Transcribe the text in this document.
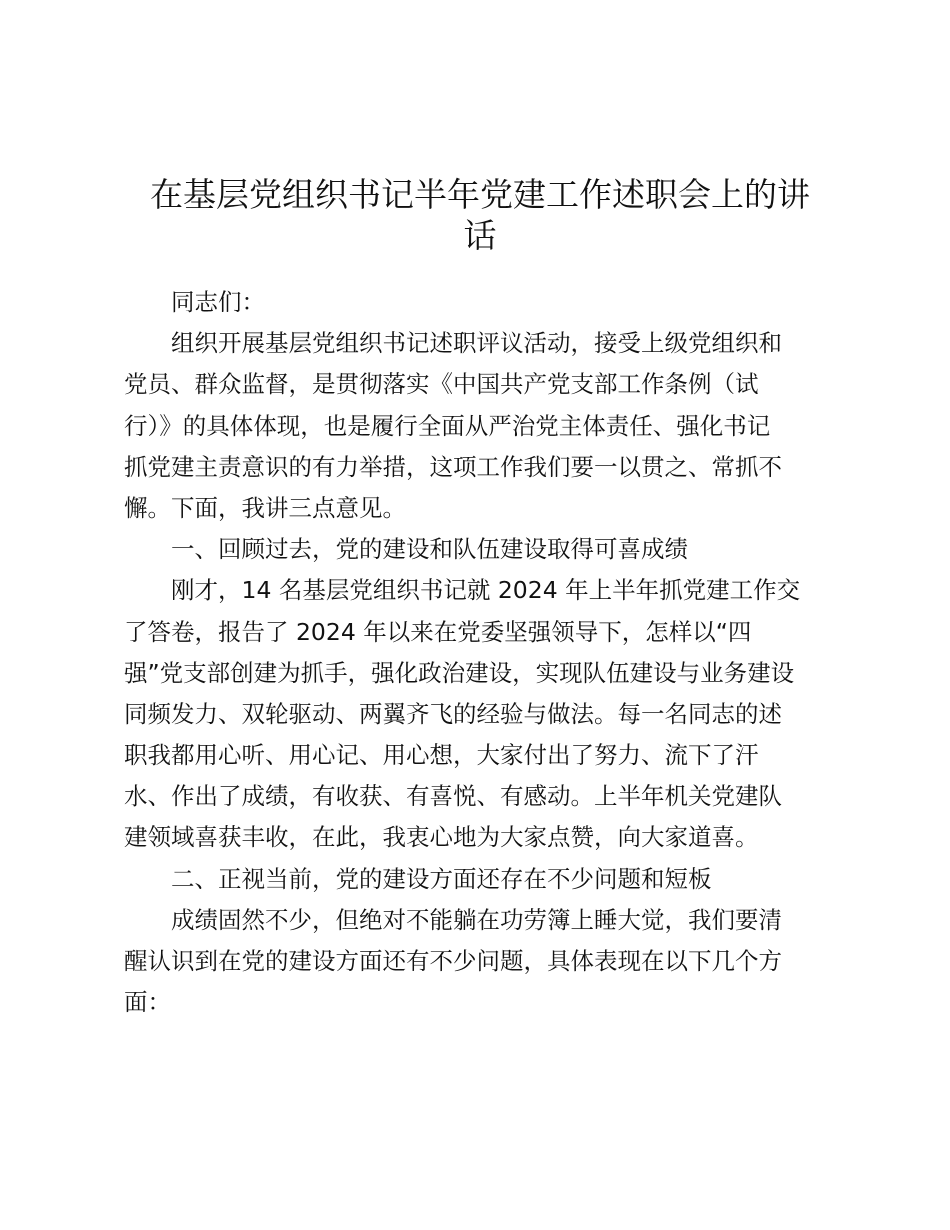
在基层党组织书记半年党建工作述职会上的讲
话
同志们：
组织开展基层党组织书记述职评议活动，接受上级党组织和
党员、群众监督，是贯彻落实《中国共产党支部工作条例（试
行）》的具体体现，也是履行全面从严治党主体责任、强化书记
抓党建主责意识的有力举措，这项工作我们要一以贯之、常抓不
懈。下面，我讲三点意见。
一、回顾过去，党的建设和队伍建设取得可喜成绩
刚才，14 名基层党组织书记就 2024 年上半年抓党建工作交
了答卷，报告了 2024 年以来在党委坚强领导下，怎样以“四
强”党支部创建为抓手，强化政治建设，实现队伍建设与业务建设
同频发力、双轮驱动、两翼齐飞的经验与做法。每一名同志的述
职我都用心听、用心记、用心想，大家付出了努力、流下了汗
水、作出了成绩，有收获、有喜悦、有感动。上半年机关党建队
建领域喜获丰收，在此，我衷心地为大家点赞，向大家道喜。
二、正视当前，党的建设方面还存在不少问题和短板
成绩固然不少，但绝对不能躺在功劳簿上睡大觉，我们要清
醒认识到在党的建设方面还有不少问题，具体表现在以下几个方
面：
